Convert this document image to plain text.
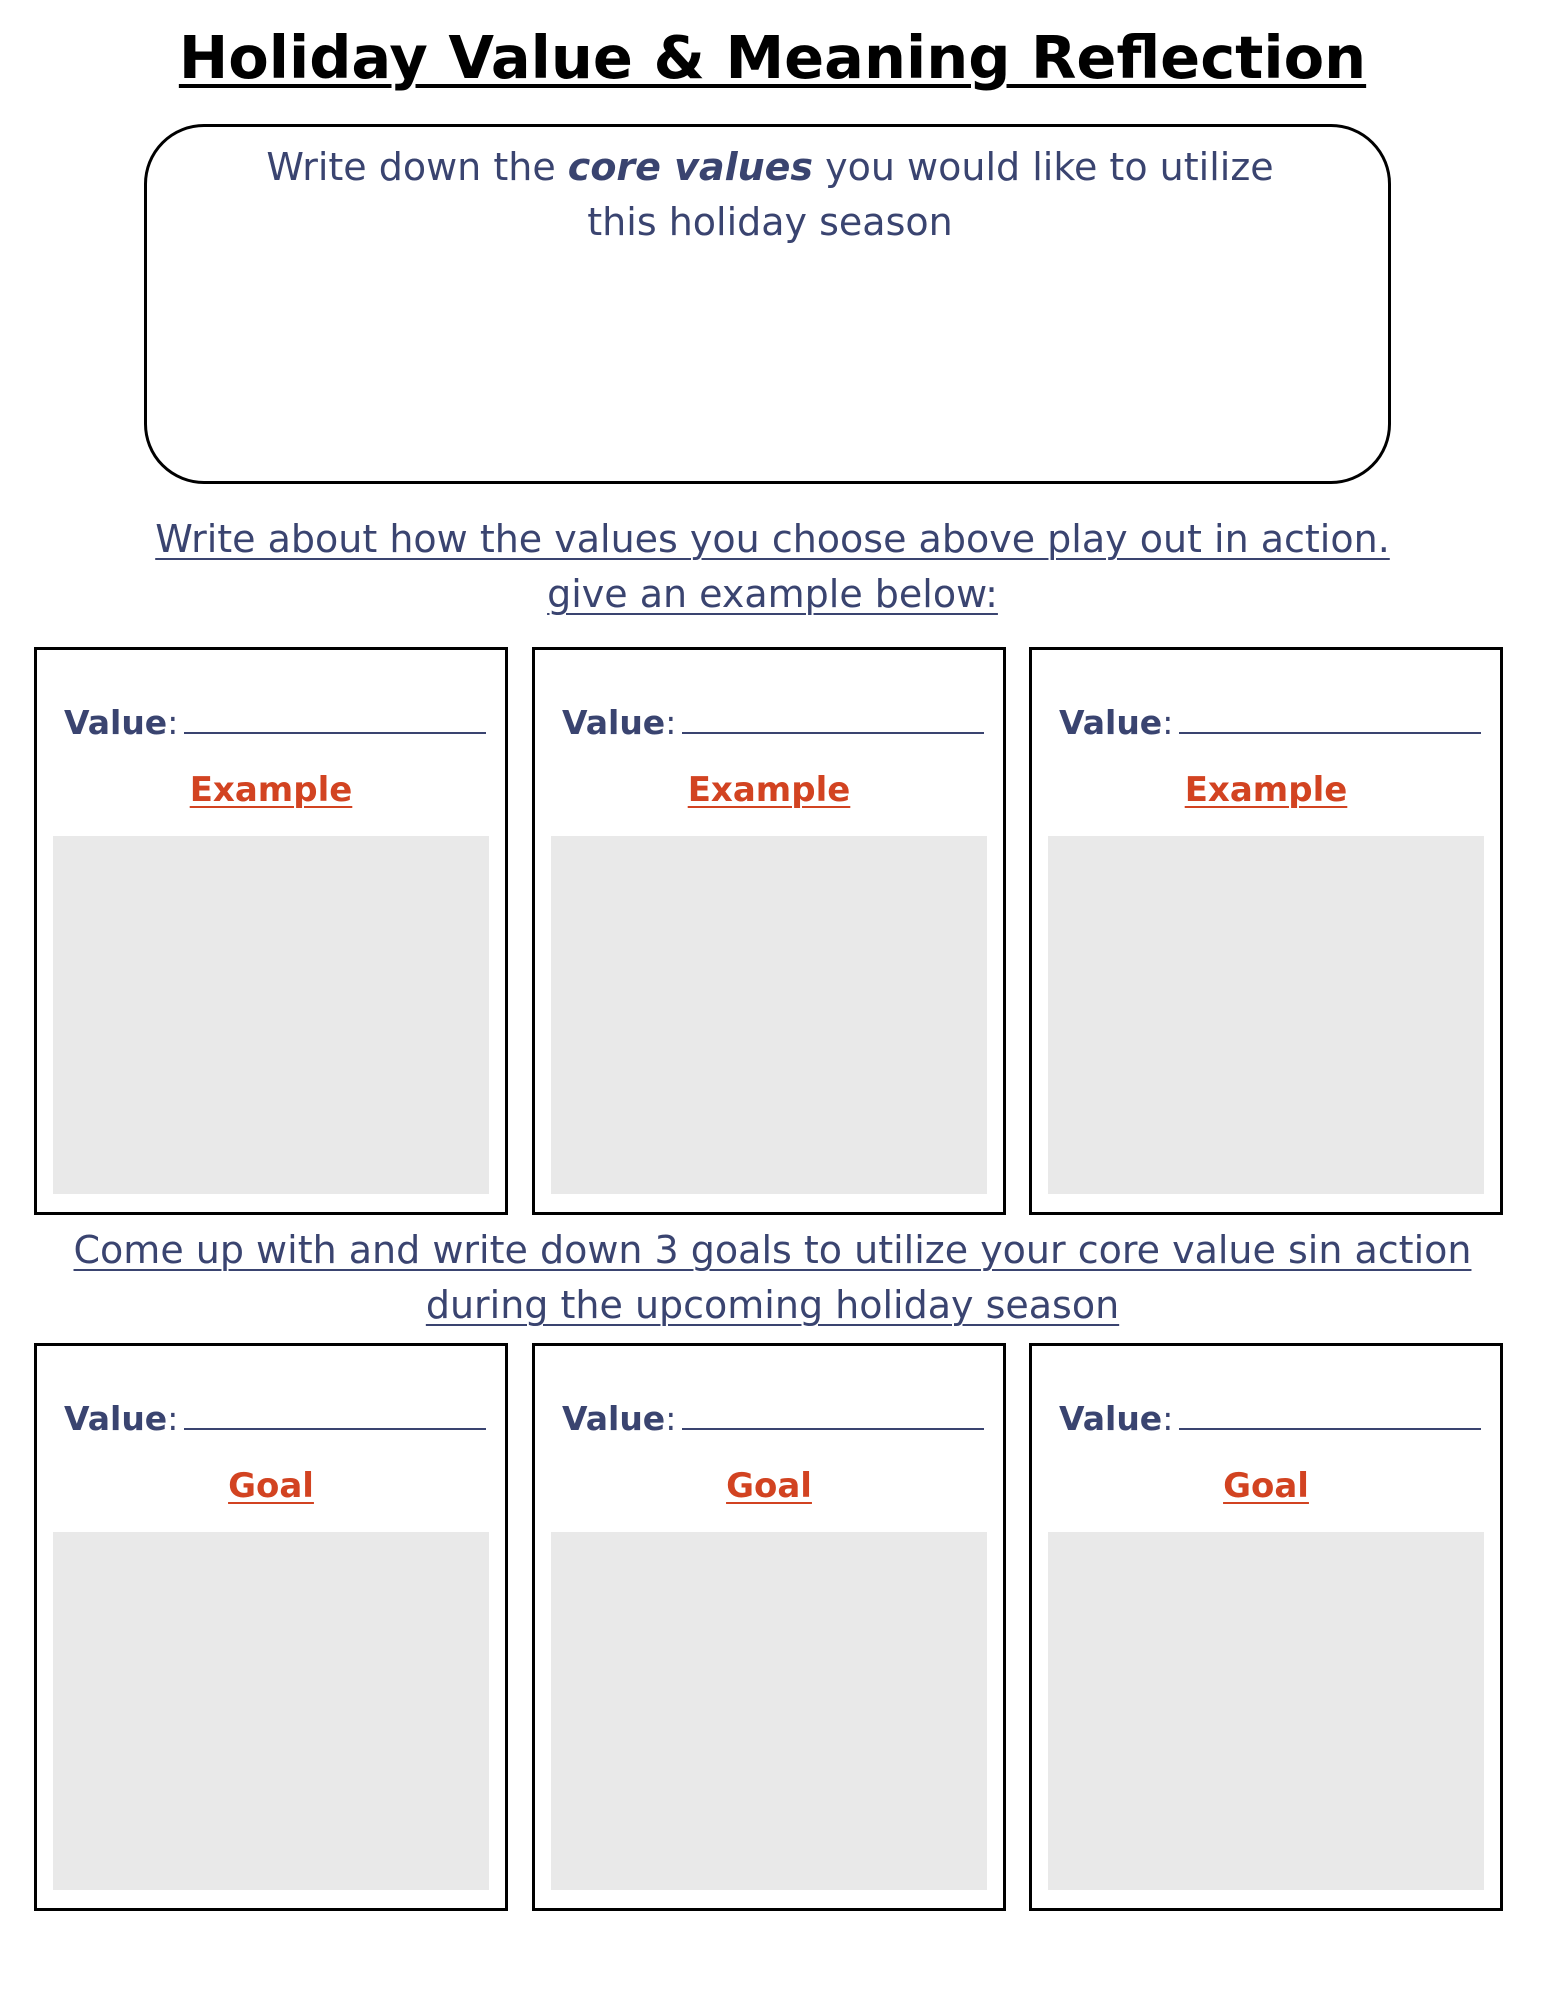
Holiday Value & Meaning Reflection

Write down the core values you would like to utilize
this holiday season

Write about how the values you choose above play out in action.
give an example below:

Value:
Example
Value:
Example
Value:
Example

Come up with and write down 3 goals to utilize your core value sin action
during the upcoming holiday season

Value:
Goal
Value:
Goal
Value:
Goal
